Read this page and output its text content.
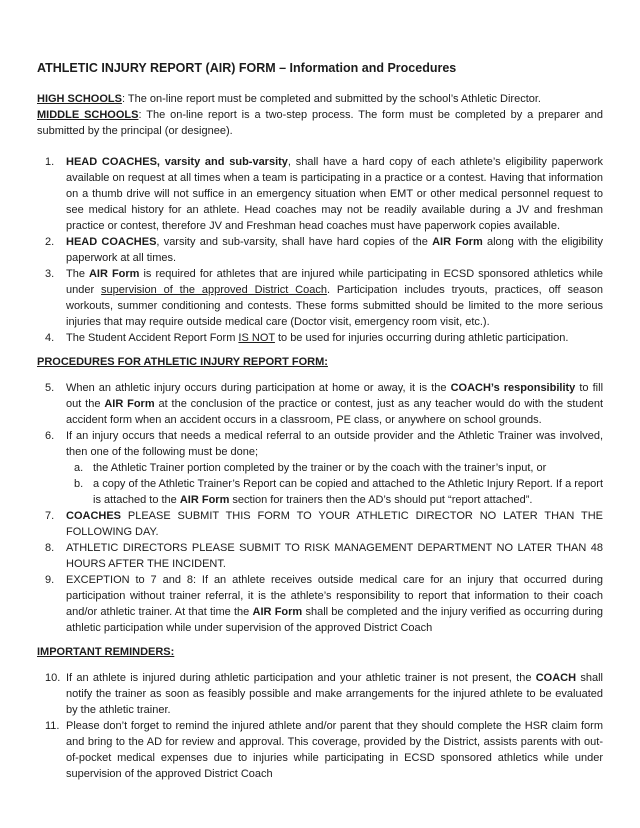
ATHLETIC INJURY REPORT (AIR) FORM – Information and Procedures

HIGH SCHOOLS: The on-line report must be completed and submitted by the school’s Athletic Director.

MIDDLE SCHOOLS: The on-line report is a two-step process. The form must be completed by a preparer and submitted by the principal (or designee).

1. HEAD COACHES, varsity and sub-varsity, shall have a hard copy of each athlete’s eligibility paperwork available on request at all times when a team is participating in a practice or a contest. Having that information on a thumb drive will not suffice in an emergency situation when EMT or other medical personnel request to see medical history for an athlete. Head coaches may not be readily available during a JV and freshman practice or contest, therefore JV and Freshman head coaches must have paperwork copies available.
2. HEAD COACHES, varsity and sub-varsity, shall have hard copies of the AIR Form along with the eligibility paperwork at all times.
3. The AIR Form is required for athletes that are injured while participating in ECSD sponsored athletics while under supervision of the approved District Coach. Participation includes tryouts, practices, off season workouts, summer conditioning and contests. These forms submitted should be limited to the more serious injuries that may require outside medical care (Doctor visit, emergency room visit, etc.).
4. The Student Accident Report Form IS NOT to be used for injuries occurring during athletic participation.

PROCEDURES FOR ATHLETIC INJURY REPORT FORM:

5. When an athletic injury occurs during participation at home or away, it is the COACH’s responsibility to fill out the AIR Form at the conclusion of the practice or contest, just as any teacher would do with the student accident form when an accident occurs in a classroom, PE class, or anywhere on school grounds.
6. If an injury occurs that needs a medical referral to an outside provider and the Athletic Trainer was involved, then one of the following must be done;
a. the Athletic Trainer portion completed by the trainer or by the coach with the trainer’s input, or
b. a copy of the Athletic Trainer’s Report can be copied and attached to the Athletic Injury Report. If a report is attached to the AIR Form section for trainers then the AD’s should put “report attached”.
7. COACHES PLEASE SUBMIT THIS FORM TO YOUR ATHLETIC DIRECTOR NO LATER THAN THE FOLLOWING DAY.
8. ATHLETIC DIRECTORS PLEASE SUBMIT TO RISK MANAGEMENT DEPARTMENT NO LATER THAN 48 HOURS AFTER THE INCIDENT.
9. EXCEPTION to 7 and 8: If an athlete receives outside medical care for an injury that occurred during participation without trainer referral, it is the athlete’s responsibility to report that information to their coach and/or athletic trainer. At that time the AIR Form shall be completed and the injury verified as occurring during athletic participation while under supervision of the approved District Coach

IMPORTANT REMINDERS:

10. If an athlete is injured during athletic participation and your athletic trainer is not present, the COACH shall notify the trainer as soon as feasibly possible and make arrangements for the injured athlete to be evaluated by the athletic trainer.
11. Please don’t forget to remind the injured athlete and/or parent that they should complete the HSR claim form and bring to the AD for review and approval. This coverage, provided by the District, assists parents with out-of-pocket medical expenses due to injuries while participating in ECSD sponsored athletics while under supervision of the approved District Coach
